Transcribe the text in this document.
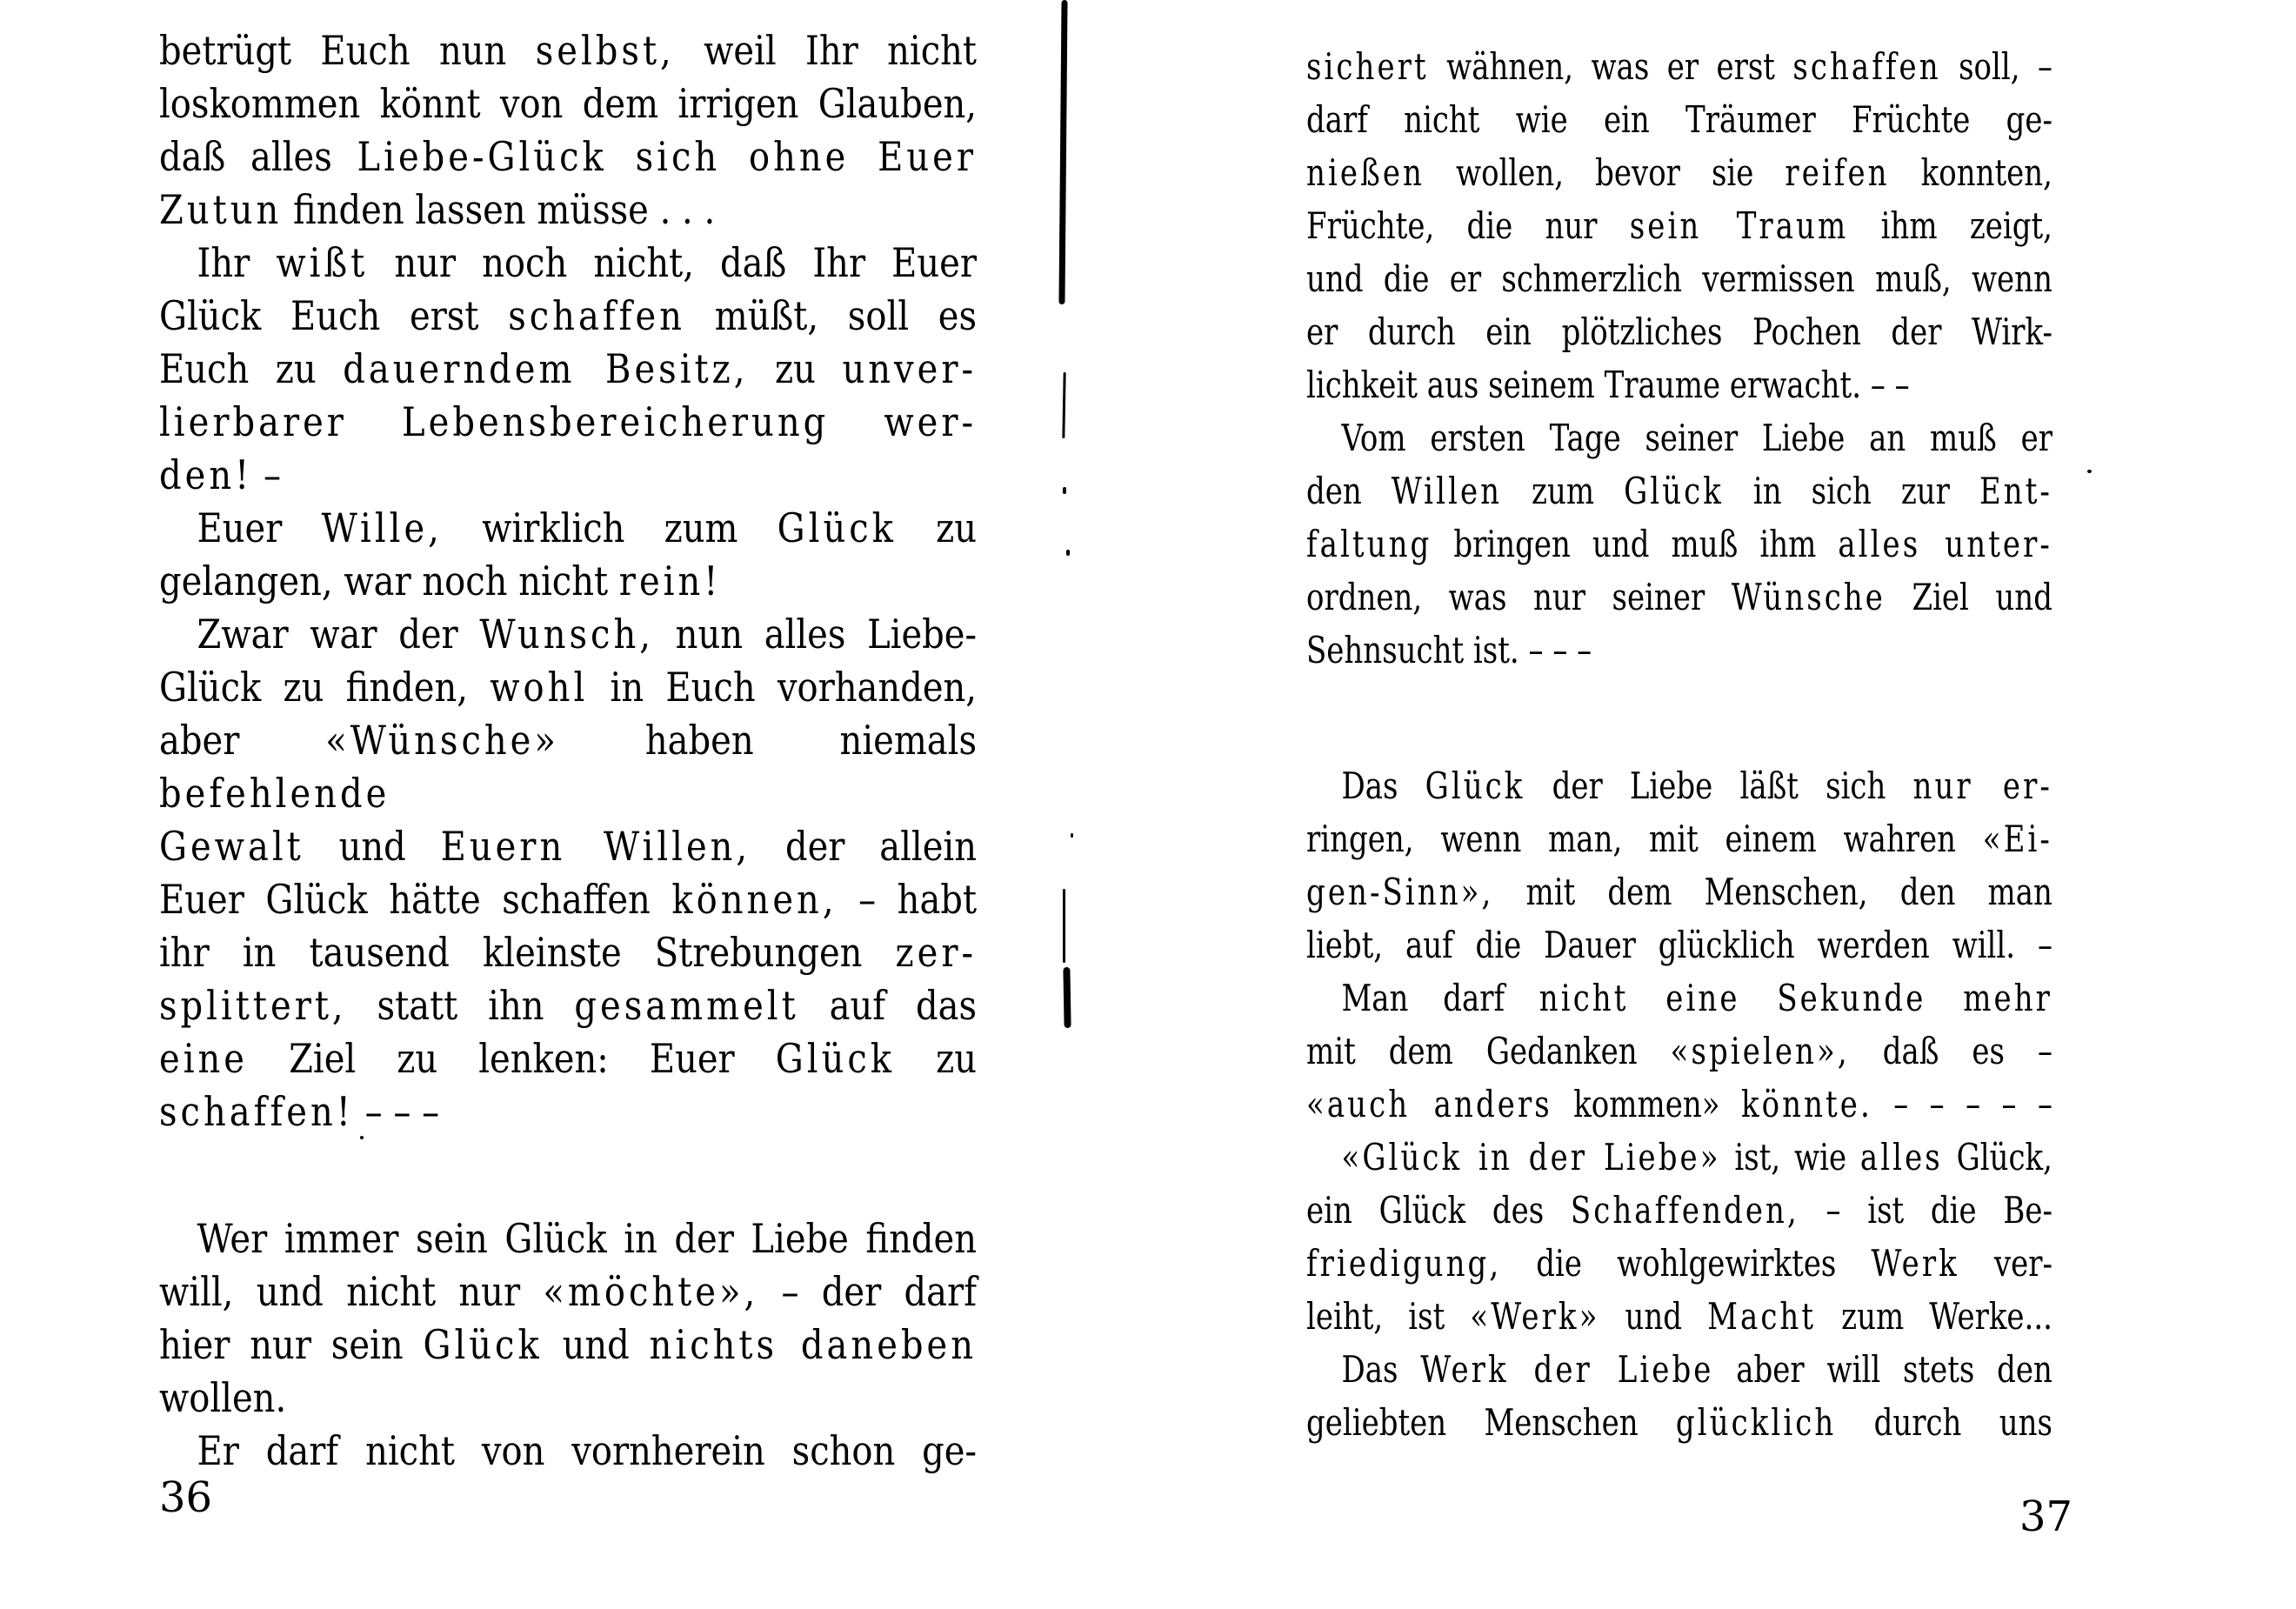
betrügt Euch nun selbst, weil Ihr nicht
loskommen könnt von dem irrigen Glauben,
daß alles Liebe-Glück sich ohne Euer
Zutun finden lassen müsse . . .
Ihr wißt nur noch nicht, daß Ihr Euer
Glück Euch erst schaffen müßt, soll es
Euch zu dauerndem Besitz, zu unver-
lierbarer Lebensbereicherung wer-
den! –
Euer Wille, wirklich zum Glück zu
gelangen, war noch nicht rein!
Zwar war der Wunsch, nun alles Liebe-
Glück zu finden, wohl in Euch vorhanden,
aber «Wünsche» haben niemals befehlende
Gewalt und Euern Willen, der allein
Euer Glück hätte schaffen können, – habt
ihr in tausend kleinste Strebungen zer-
splittert, statt ihn gesammelt auf das
eine Ziel zu lenken: Euer Glück zu
schaffen! – – –
Wer immer sein Glück in der Liebe finden
will, und nicht nur «möchte», – der darf
hier nur sein Glück und nichts daneben
wollen.
Er darf nicht von vornherein schon ge-
sichert wähnen, was er erst schaffen soll, –
darf nicht wie ein Träumer Früchte ge-
nießen wollen, bevor sie reifen konnten,
Früchte, die nur sein Traum ihm zeigt,
und die er schmerzlich vermissen muß, wenn
er durch ein plötzliches Pochen der Wirk-
lichkeit aus seinem Traume erwacht. – –
Vom ersten Tage seiner Liebe an muß er
den Willen zum Glück in sich zur Ent-
faltung bringen und muß ihm alles unter-
ordnen, was nur seiner Wünsche Ziel und
Sehnsucht ist. – – –
Das Glück der Liebe läßt sich nur er-
ringen, wenn man, mit einem wahren «Ei-
gen-Sinn», mit dem Menschen, den man
liebt, auf die Dauer glücklich werden will. –
Man darf nicht eine Sekunde mehr
mit dem Gedanken «spielen», daß es –
«auch anders kommen» könnte. – – – – –
«Glück in der Liebe» ist, wie alles Glück,
ein Glück des Schaffenden, – ist die Be-
friedigung, die wohlgewirktes Werk ver-
leiht, ist «Werk» und Macht zum Werke...
Das Werk der Liebe aber will stets den
geliebten Menschen glücklich durch uns
36	37
